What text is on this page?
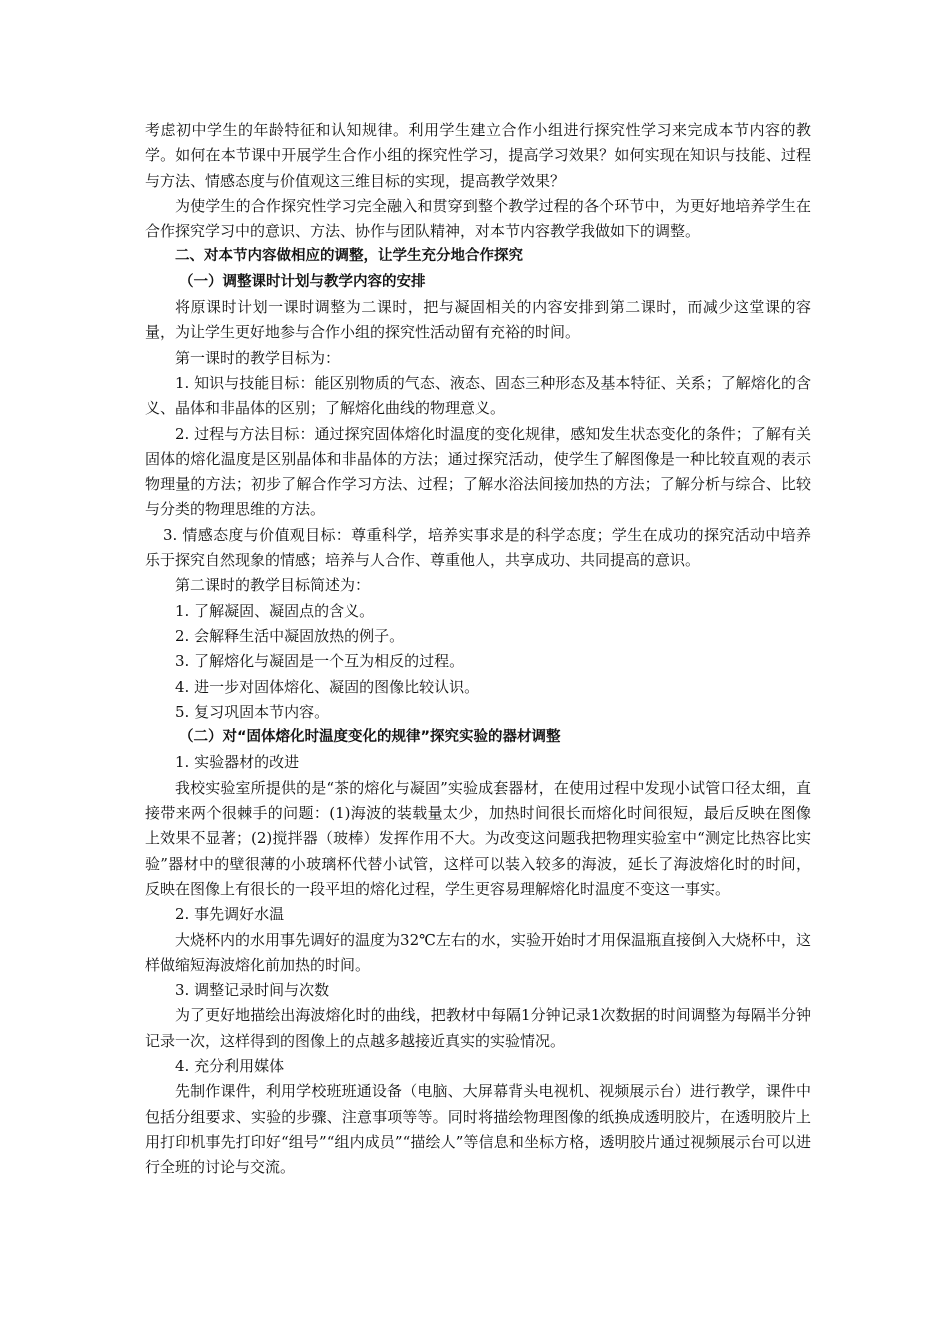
考虑初中学生的年龄特征和认知规律。利用学生建立合作小组进行探究性学习来完成本节内容的教学。如何在本节课中开展学生合作小组的探究性学习，提高学习效果？如何实现在知识与技能、过程与方法、情感态度与价值观这三维目标的实现，提高教学效果？

为使学生的合作探究性学习完全融入和贯穿到整个教学过程的各个环节中，为更好地培养学生在合作探究学习中的意识、方法、协作与团队精神，对本节内容教学我做如下的调整。

二、对本节内容做相应的调整，让学生充分地合作探究

（一）调整课时计划与教学内容的安排

将原课时计划一课时调整为二课时，把与凝固相关的内容安排到第二课时，而减少这堂课的容量，为让学生更好地参与合作小组的探究性活动留有充裕的时间。

第一课时的教学目标为：

1. 知识与技能目标：能区别物质的气态、液态、固态三种形态及基本特征、关系；了解熔化的含义、晶体和非晶体的区别；了解熔化曲线的物理意义。

2. 过程与方法目标：通过探究固体熔化时温度的变化规律，感知发生状态变化的条件；了解有关固体的熔化温度是区别晶体和非晶体的方法；通过探究活动，使学生了解图像是一种比较直观的表示物理量的方法；初步了解合作学习方法、过程；了解水浴法间接加热的方法；了解分析与综合、比较与分类的物理思维的方法。

3. 情感态度与价值观目标：尊重科学，培养实事求是的科学态度；学生在成功的探究活动中培养乐于探究自然现象的情感；培养与人合作、尊重他人，共享成功、共同提高的意识。

第二课时的教学目标简述为：

1. 了解凝固、凝固点的含义。

2. 会解释生活中凝固放热的例子。

3. 了解熔化与凝固是一个互为相反的过程。

4. 进一步对固体熔化、凝固的图像比较认识。

5. 复习巩固本节内容。

（二）对“固体熔化时温度变化的规律”探究实验的器材调整

1. 实验器材的改进

我校实验室所提供的是“茶的熔化与凝固”实验成套器材，在使用过程中发现小试管口径太细，直接带来两个很棘手的问题：(1)海波的装载量太少，加热时间很长而熔化时间很短，最后反映在图像上效果不显著；(2)搅拌器（玻棒）发挥作用不大。为改变这问题我把物理实验室中“测定比热容比实验”器材中的壁很薄的小玻璃杯代替小试管，这样可以装入较多的海波，延长了海波熔化时的时间，反映在图像上有很长的一段平坦的熔化过程，学生更容易理解熔化时温度不变这一事实。

2. 事先调好水温

大烧杯内的水用事先调好的温度为32℃左右的水，实验开始时才用保温瓶直接倒入大烧杯中，这样做缩短海波熔化前加热的时间。

3. 调整记录时间与次数

为了更好地描绘出海波熔化时的曲线，把教材中每隔1分钟记录1次数据的时间调整为每隔半分钟记录一次，这样得到的图像上的点越多越接近真实的实验情况。

4. 充分利用媒体

先制作课件，利用学校班班通设备（电脑、大屏幕背头电视机、视频展示台）进行教学，课件中包括分组要求、实验的步骤、注意事项等等。同时将描绘物理图像的纸换成透明胶片，在透明胶片上用打印机事先打印好“组号”“组内成员”“描绘人”等信息和坐标方格，透明胶片通过视频展示台可以进行全班的讨论与交流。
